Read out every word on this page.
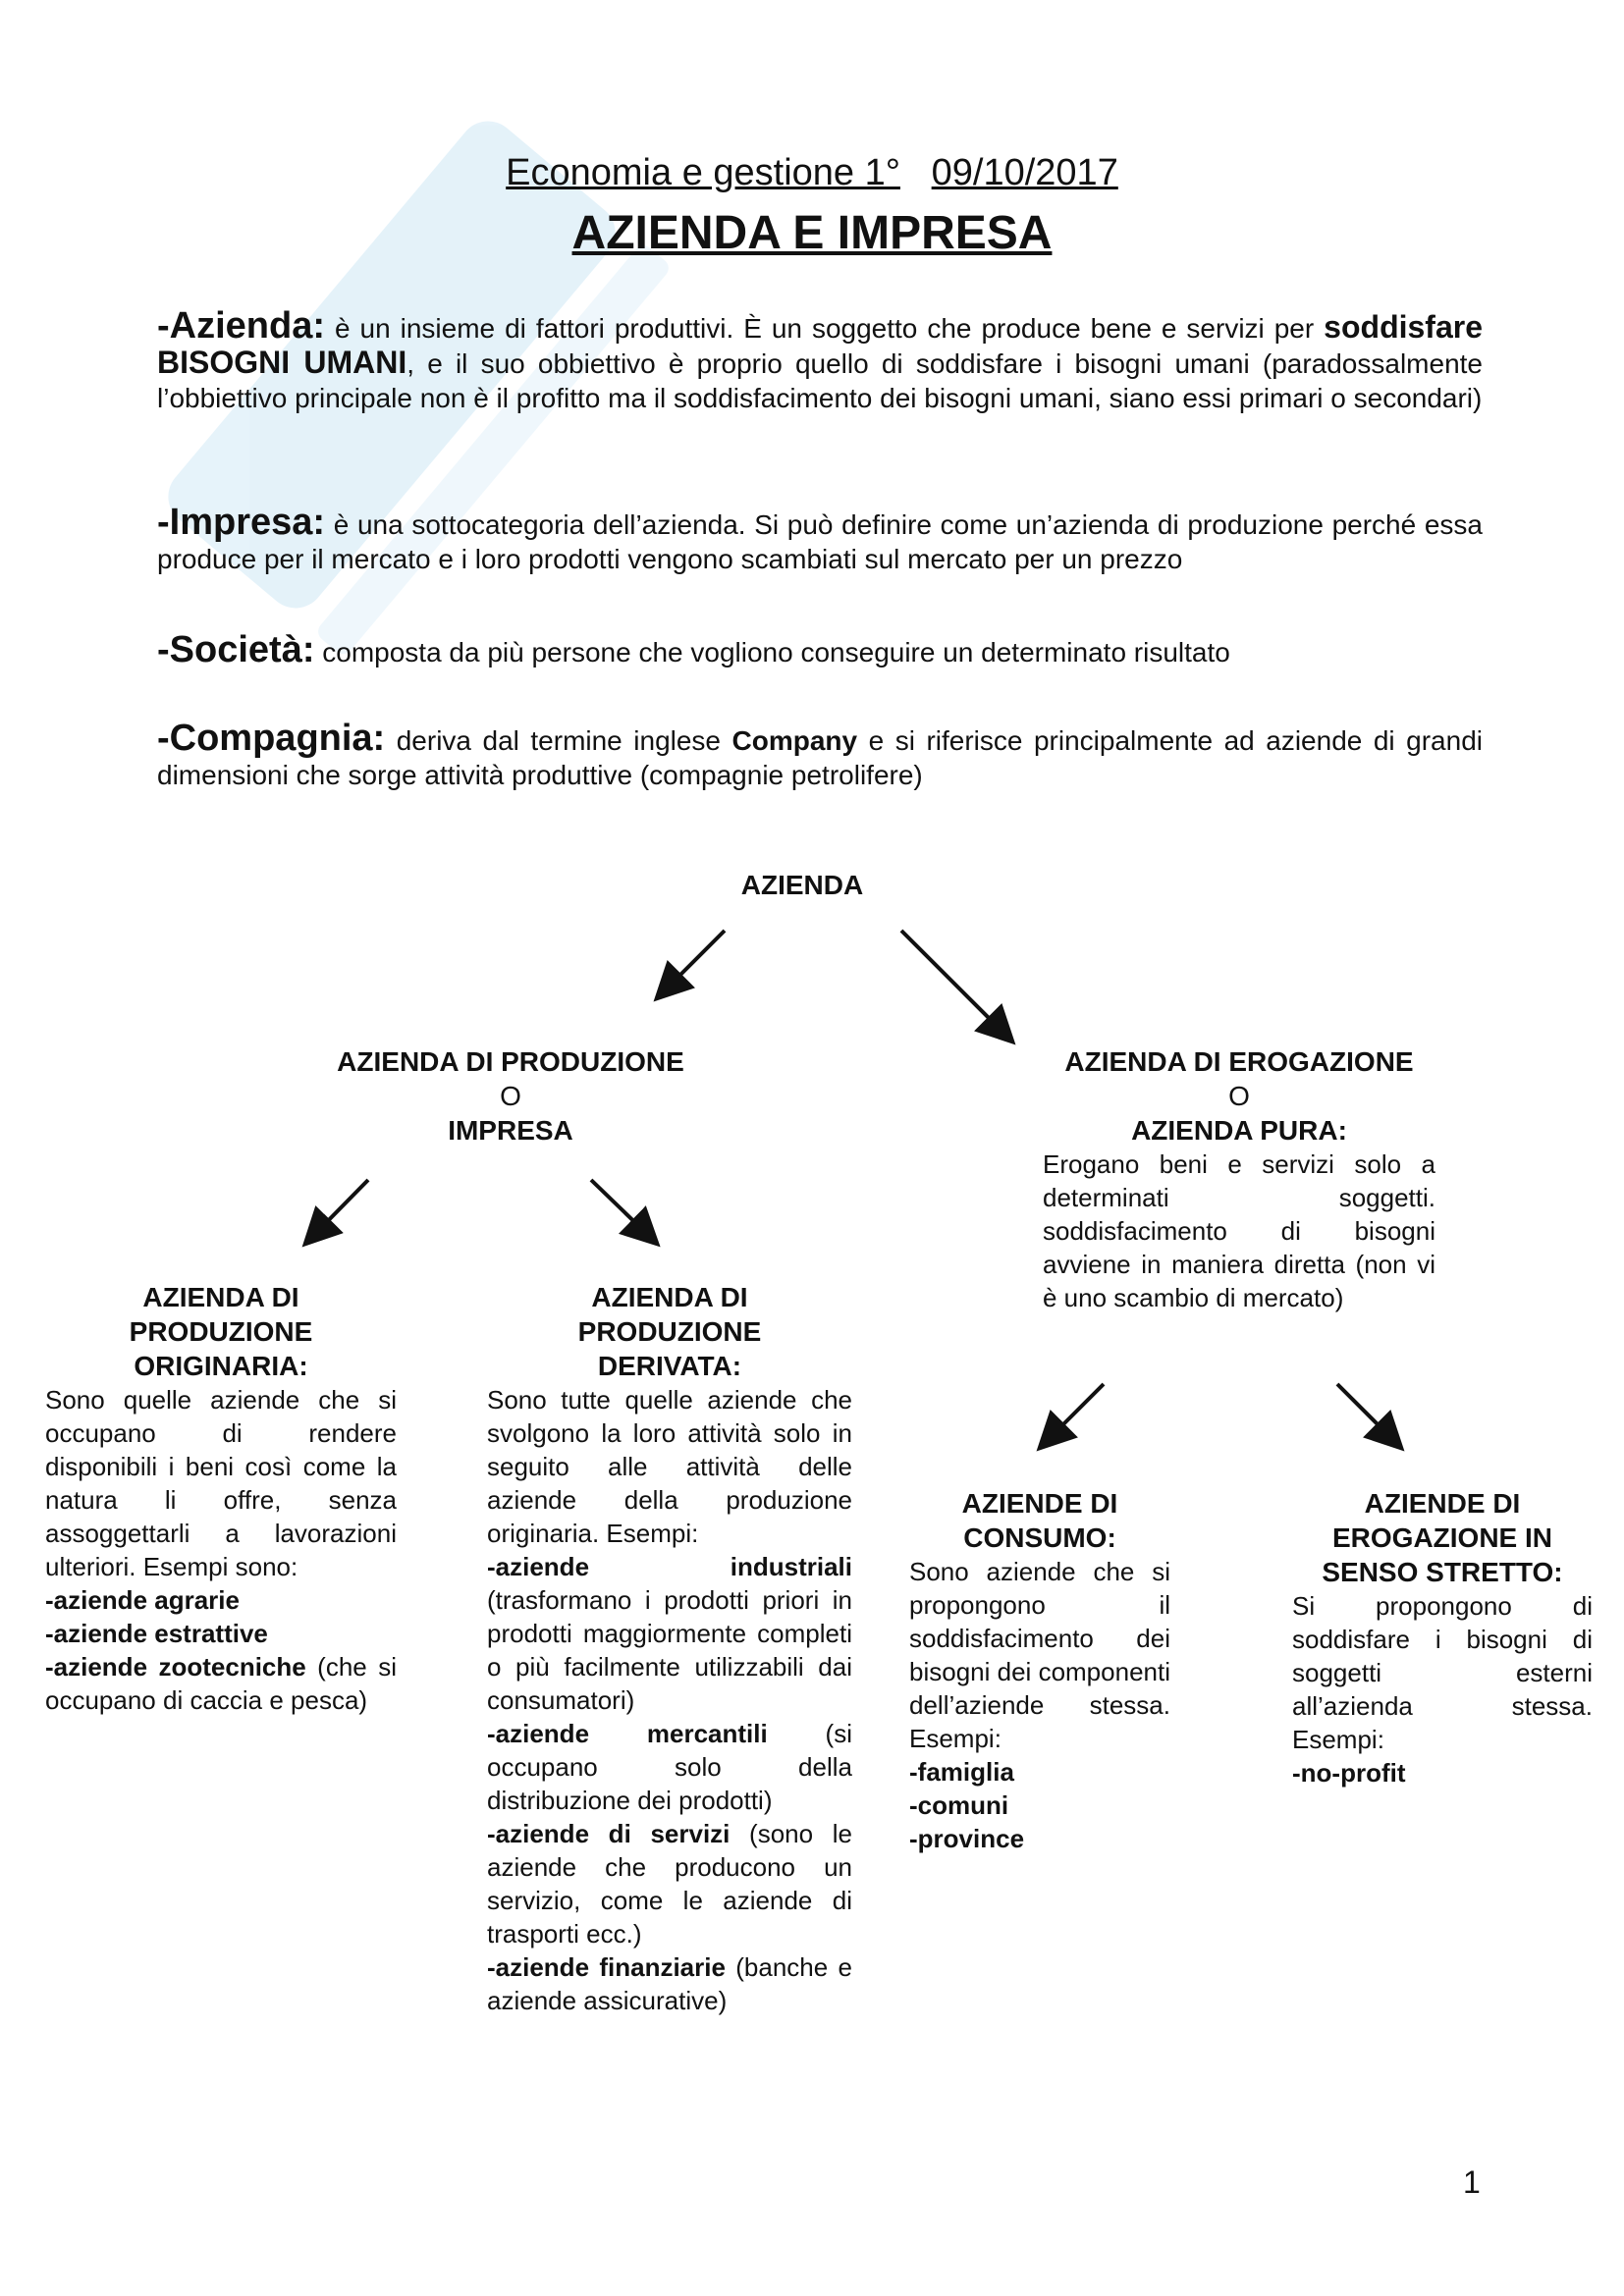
Economia e gestione 1° 09/10/2017
AZIENDA E IMPRESA
-Azienda: è un insieme di fattori produttivi. È un soggetto che produce bene e servizi per soddisfare BISOGNI UMANI, e il suo obbiettivo è proprio quello di soddisfare i bisogni umani (paradossalmente l’obbiettivo principale non è il profitto ma il soddisfacimento dei bisogni umani, siano essi primari o secondari)
-Impresa: è una sottocategoria dell’azienda. Si può definire come un’azienda di produzione perché essa produce per il mercato e i loro prodotti vengono scambiati sul mercato per un prezzo
-Società: composta da più persone che vogliono conseguire un determinato risultato
-Compagnia: deriva dal termine inglese Company e si riferisce principalmente ad aziende di grandi dimensioni che sorge attività produttive (compagnie petrolifere)
AZIENDA
AZIENDA DI PRODUZIONE
O
IMPRESA
AZIENDA DI EROGAZIONE
O
AZIENDA PURA:
Erogano beni e servizi solo a determinati soggetti. soddisfacimento di bisogni avviene in maniera diretta (non vi è uno scambio di mercato)
AZIENDA DI PRODUZIONE ORIGINARIA:
Sono quelle aziende che si occupano di rendere disponibili i beni così come la natura li offre, senza assoggettarli a lavorazioni ulteriori. Esempi sono:
-aziende agrarie
-aziende estrattive
-aziende zootecniche (che si occupano di caccia e pesca)
AZIENDA DI PRODUZIONE DERIVATA:
Sono tutte quelle aziende che svolgono la loro attività solo in seguito alle attività delle aziende della produzione originaria. Esempi:
-aziende industriali (trasformano i prodotti priori in prodotti maggiormente completi o più facilmente utilizzabili dai consumatori)
-aziende mercantili (si occupano solo della distribuzione dei prodotti)
-aziende di servizi (sono le aziende che producono un servizio, come le aziende di trasporti ecc.)
-aziende finanziarie (banche e aziende assicurative)
AZIENDE DI CONSUMO:
Sono aziende che si propongono il soddisfacimento dei bisogni dei componenti dell’aziende stessa. Esempi:
-famiglia
-comuni
-province
AZIENDE DI EROGAZIONE IN SENSO STRETTO:
Si propongono di soddisfare i bisogni di soggetti esterni all’azienda stessa. Esempi:
-no-profit
1
